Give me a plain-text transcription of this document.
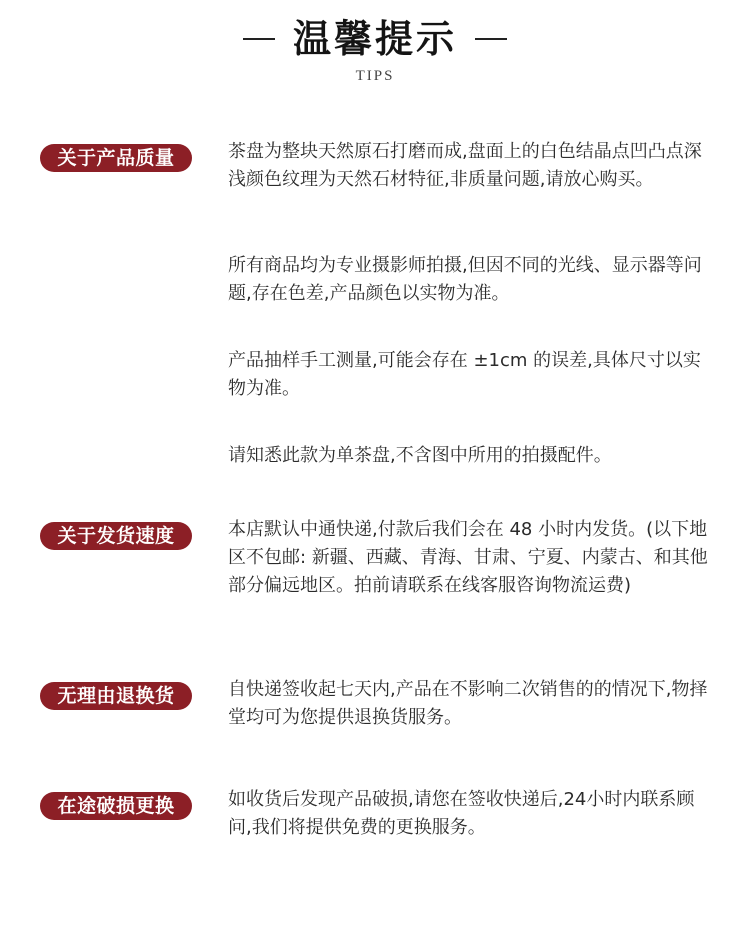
温馨提示
TIPS
关于产品质量	茶盘为整块天然原石打磨而成,盘面上的白色结晶点凹凸点深浅颜色纹理为天然石材特征,非质量问题,请放心购买。

所有商品均为专业摄影师拍摄,但因不同的光线、显示器等问题,存在色差,产品颜色以实物为准。

产品抽样手工测量,可能会存在 ±1cm 的误差,具体尺寸以实物为准。

请知悉此款为单茶盘,不含图中所用的拍摄配件。

关于发货速度	本店默认中通快递,付款后我们会在 48 小时内发货。(以下地区不包邮: 新疆、西藏、青海、甘肃、宁夏、内蒙古、和其他部分偏远地区。拍前请联系在线客服咨询物流运费)

无理由退换货	自快递签收起七天内,产品在不影响二次销售的的情况下,物择堂均可为您提供退换货服务。

在途破损更换	如收货后发现产品破损,请您在签收快递后,24小时内联系顾问,我们将提供免费的更换服务。
